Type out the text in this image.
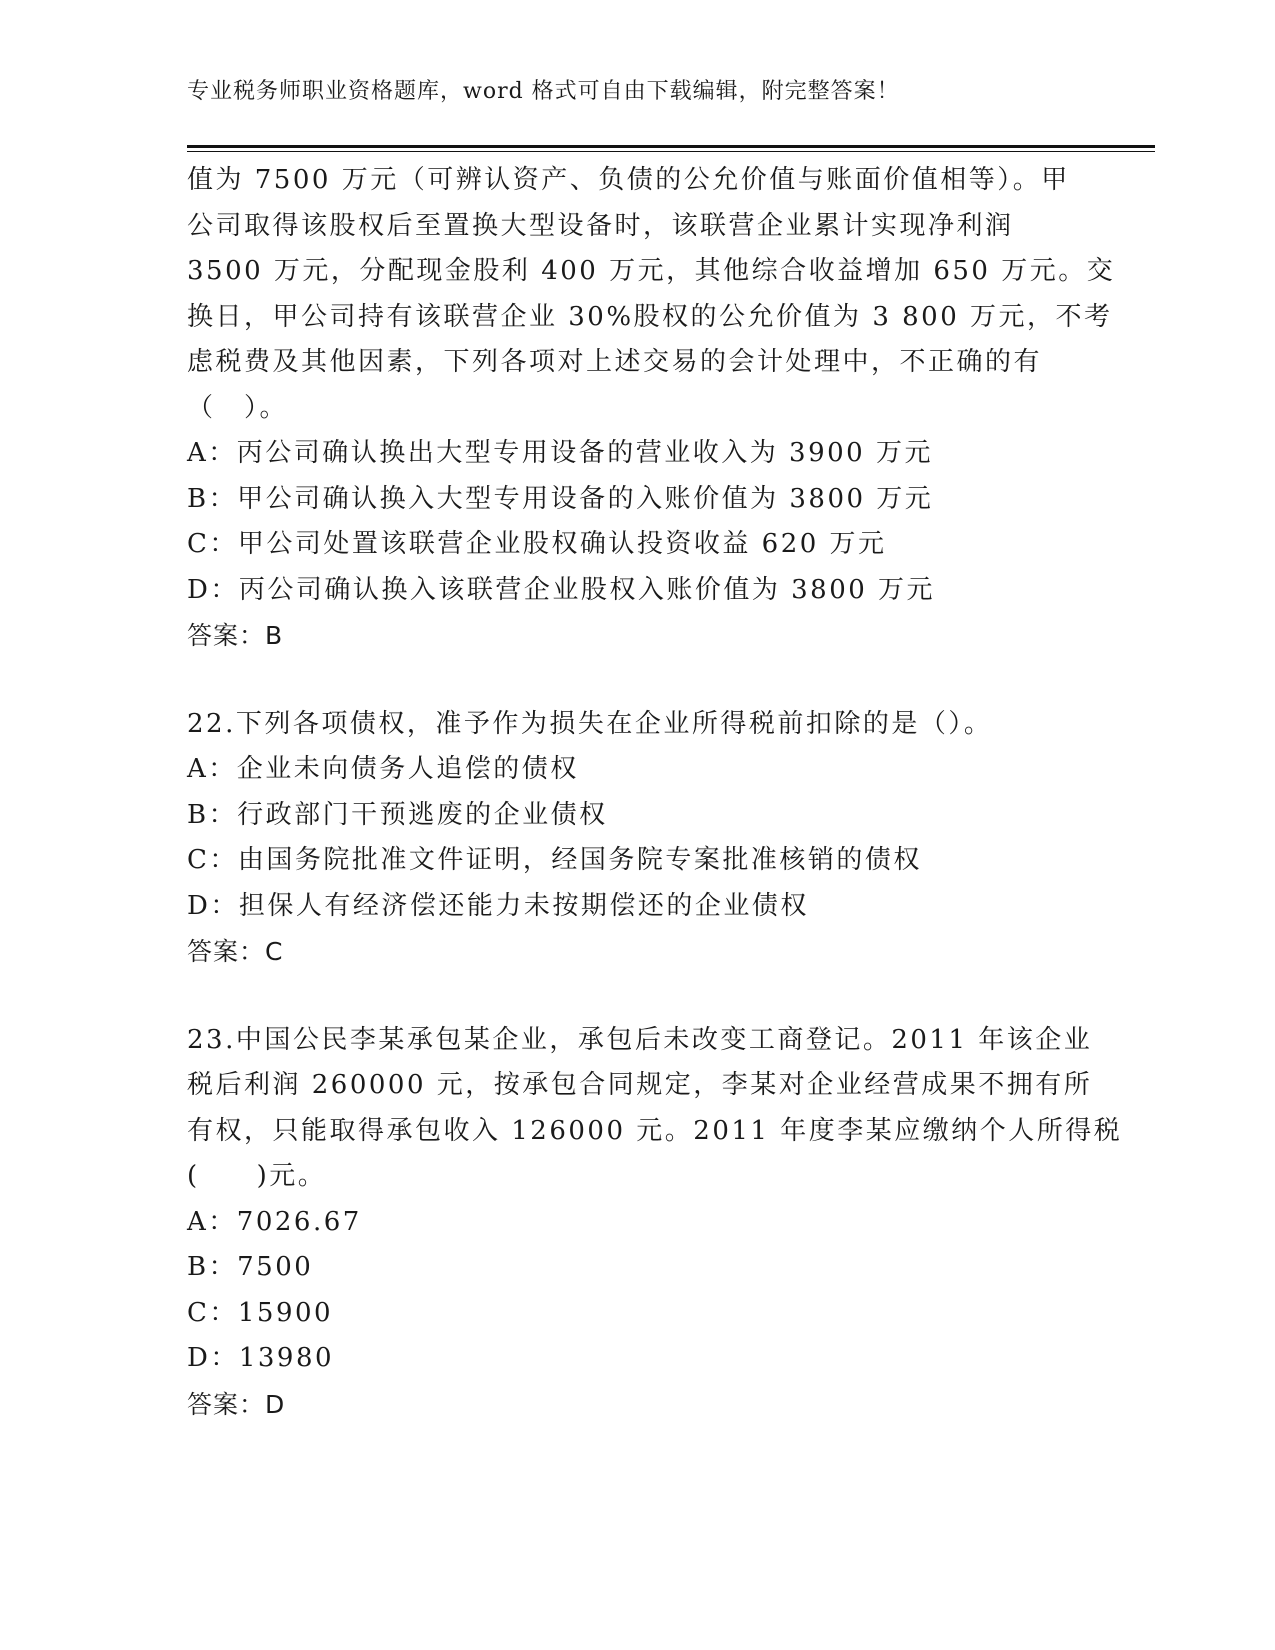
专业税务师职业资格题库，word 格式可自由下载编辑，附完整答案！
值为 7500 万元（可辨认资产、负债的公允价值与账面价值相等）。甲
公司取得该股权后至置换大型设备时，该联营企业累计实现净利润
3500 万元，分配现金股利 400 万元，其他综合收益增加 650 万元。交
换日，甲公司持有该联营企业 30%股权的公允价值为 3 800 万元，不考
虑税费及其他因素，下列各项对上述交易的会计处理中，不正确的有
（　）。
A：丙公司确认换出大型专用设备的营业收入为 3900 万元
B：甲公司确认换入大型专用设备的入账价值为 3800 万元
C：甲公司处置该联营企业股权确认投资收益 620 万元
D：丙公司确认换入该联营企业股权入账价值为 3800 万元
答案：B
22.下列各项债权，准予作为损失在企业所得税前扣除的是（）。
A：企业未向债务人追偿的债权
B：行政部门干预逃废的企业债权
C：由国务院批准文件证明，经国务院专案批准核销的债权
D：担保人有经济偿还能力未按期偿还的企业债权
答案：C
23.中国公民李某承包某企业，承包后未改变工商登记。2011 年该企业
税后利润 260000 元，按承包合同规定，李某对企业经营成果不拥有所
有权，只能取得承包收入 126000 元。2011 年度李某应缴纳个人所得税
(　　)元。
A：7026.67
B：7500
C：15900
D：13980
答案：D
